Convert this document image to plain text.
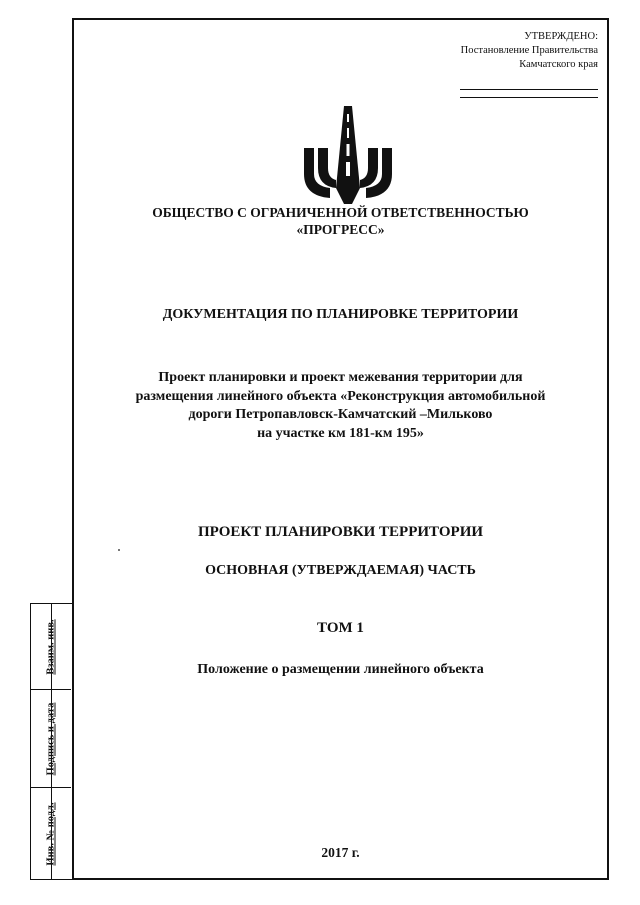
Взаим. инв.
Подпись и дата
Инв. № подл.
УТВЕРЖДЕНО:
Постановление Правительства
Камчатского края
ОБЩЕСТВО С ОГРАНИЧЕННОЙ ОТВЕТСТВЕННОСТЬЮ
«ПРОГРЕСС»
ДОКУМЕНТАЦИЯ ПО ПЛАНИРОВКЕ ТЕРРИТОРИИ
Проект планировки и проект межевания территории для
размещения линейного объекта «Реконструкция автомобильной
дороги Петропавловск-Камчатский –Мильково
на участке км 181-км 195»
ПРОЕКТ ПЛАНИРОВКИ ТЕРРИТОРИИ
ОСНОВНАЯ (УТВЕРЖДАЕМАЯ) ЧАСТЬ
ТОМ 1
Положение о размещении линейного объекта
2017 г.
